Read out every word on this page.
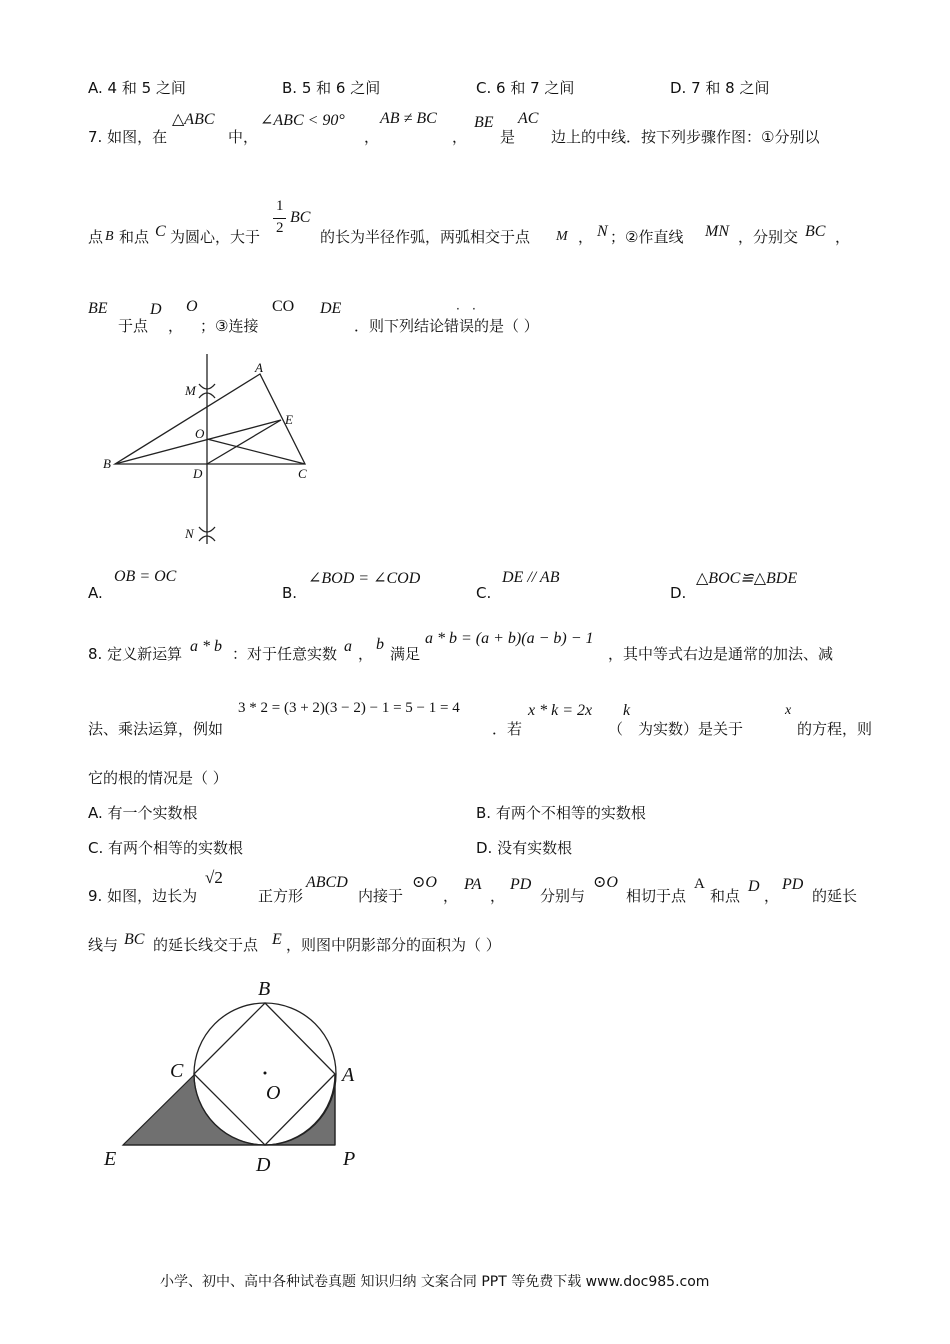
A. 4 和 5 之间	B. 5 和 6 之间	C. 6 和 7 之间	D. 7 和 8 之间
7. 如图，在
△ABC
中，
∠ABC < 90°
，
AB ≠ BC
，
BE
是
AC
边上的中线．按下列步骤作图：①分别以
点 B 和点 C 为圆心，大于
1
2
BC
的长为半径作弧，两弧相交于点 M ， N ；②作直线 MN ，分别交 BC ，
BE
于点
D
，
O
；③连接
CO DE
．则下列结论错误的是（ ）
· ·
A
M
E
O
B
D	C
N
A.
OB = OC
B.
∠BOD = ∠COD
C.
DE // AB
D.
△BOC≌△BDE
8. 定义新运算 a * b ：对于任意实数 a ，
b
满足
a * b = (a + b)(a − b) − 1
，其中等式右边是通常的加法、减
法、乘法运算，例如
3 * 2 = (3 + 2)(3 − 2) − 1 = 5 − 1 = 4
．若
x * k = 2x
（
k
为实数）是关于
x
的方程，则
它的根的情况是（ ）
A. 有一个实数根	B. 有两个不相等的实数根
C. 有两个相等的实数根	D. 没有实数根
9. 如图，边长为
√2
正方形
ABCD
内接于
⊙O
，
PA
，
PD
分别与
⊙O
相切于点
A
和点
D
，
PD
的延长
线与 BC 的延长线交于点 E ，则图中阴影部分的面积为（ ）
B
C	A
O
E	D	P
小学、初中、高中各种试卷真题 知识归纳 文案合同 PPT 等免费下载 www.doc985.com
